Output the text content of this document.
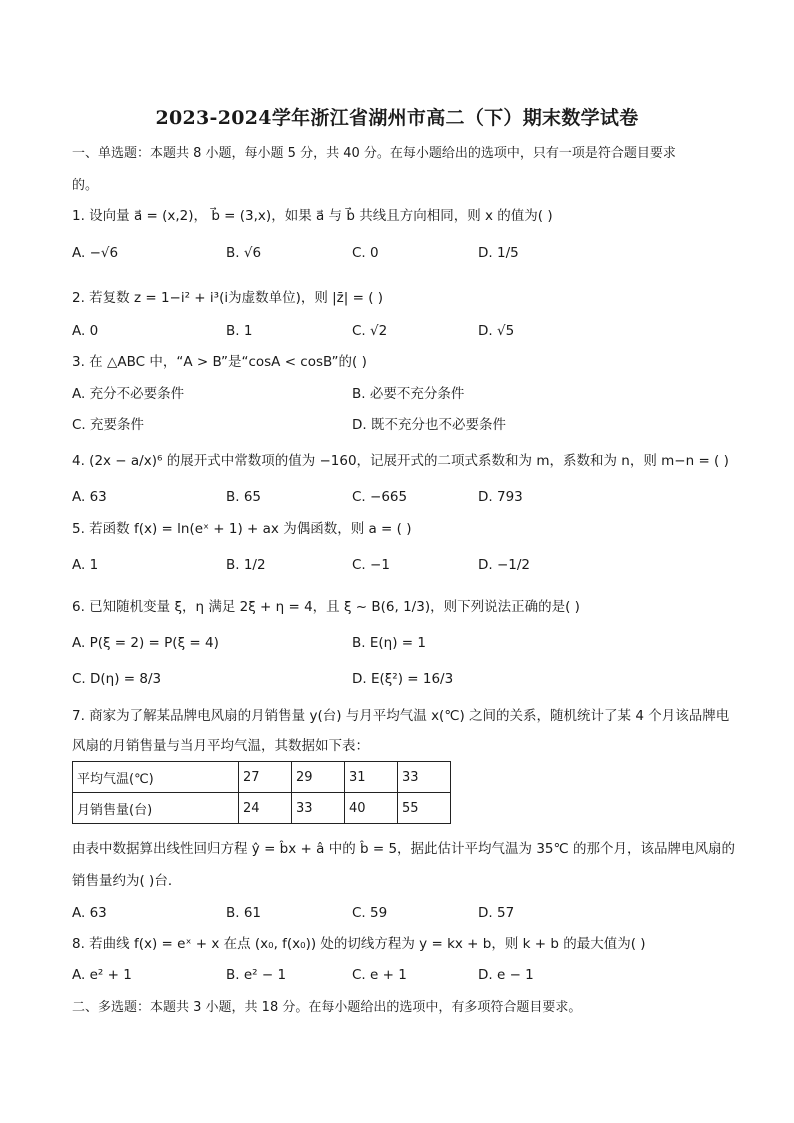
2023-2024学年浙江省湖州市高二（下）期末数学试卷
一、单选题：本题共 8 小题，每小题 5 分，共 40 分。在每小题给出的选项中，只有一项是符合题目要求
的。
1. 设向量 a⃗ = (x,2)， b⃗ = (3,x)，如果 a⃗ 与 b⃗ 共线且方向相同，则 x 的值为( )
A. −√6	B. √6	C. 0	D. 1/5
2. 若复数 z = 1−i² + i³(i为虚数单位)，则 |z̄| = ( )
A. 0	B. 1	C. √2	D. √5
3. 在 △ABC 中，“A > B”是“cosA < cosB”的( )
A. 充分不必要条件	B. 必要不充分条件
C. 充要条件	D. 既不充分也不必要条件
4. (2x − a/x)⁶ 的展开式中常数项的值为 −160，记展开式的二项式系数和为 m，系数和为 n，则 m−n = ( )
A. 63	B. 65	C. −665	D. 793
5. 若函数 f(x) = ln(eˣ + 1) + ax 为偶函数，则 a = ( )
A. 1	B. 1/2	C. −1	D. −1/2
6. 已知随机变量 ξ，η 满足 2ξ + η = 4，且 ξ ~ B(6, 1/3)，则下列说法正确的是( )
A. P(ξ = 2) = P(ξ = 4)	B. E(η) = 1
C. D(η) = 8/3	D. E(ξ²) = 16/3
7. 商家为了解某品牌电风扇的月销售量 y(台) 与月平均气温 x(℃) 之间的关系，随机统计了某 4 个月该品牌电
风扇的月销售量与当月平均气温，其数据如下表：
平均气温(℃)	27	29	31	33
月销售量(台)	24	33	40	55
由表中数据算出线性回归方程 ŷ = b̂x + â 中的 b̂ = 5，据此估计平均气温为 35℃ 的那个月，该品牌电风扇的
销售量约为( )台．
A. 63	B. 61	C. 59	D. 57
8. 若曲线 f(x) = eˣ + x 在点 (x₀, f(x₀)) 处的切线方程为 y = kx + b，则 k + b 的最大值为( )
A. e² + 1	B. e² − 1	C. e + 1	D. e − 1
二、多选题：本题共 3 小题，共 18 分。在每小题给出的选项中，有多项符合题目要求。
